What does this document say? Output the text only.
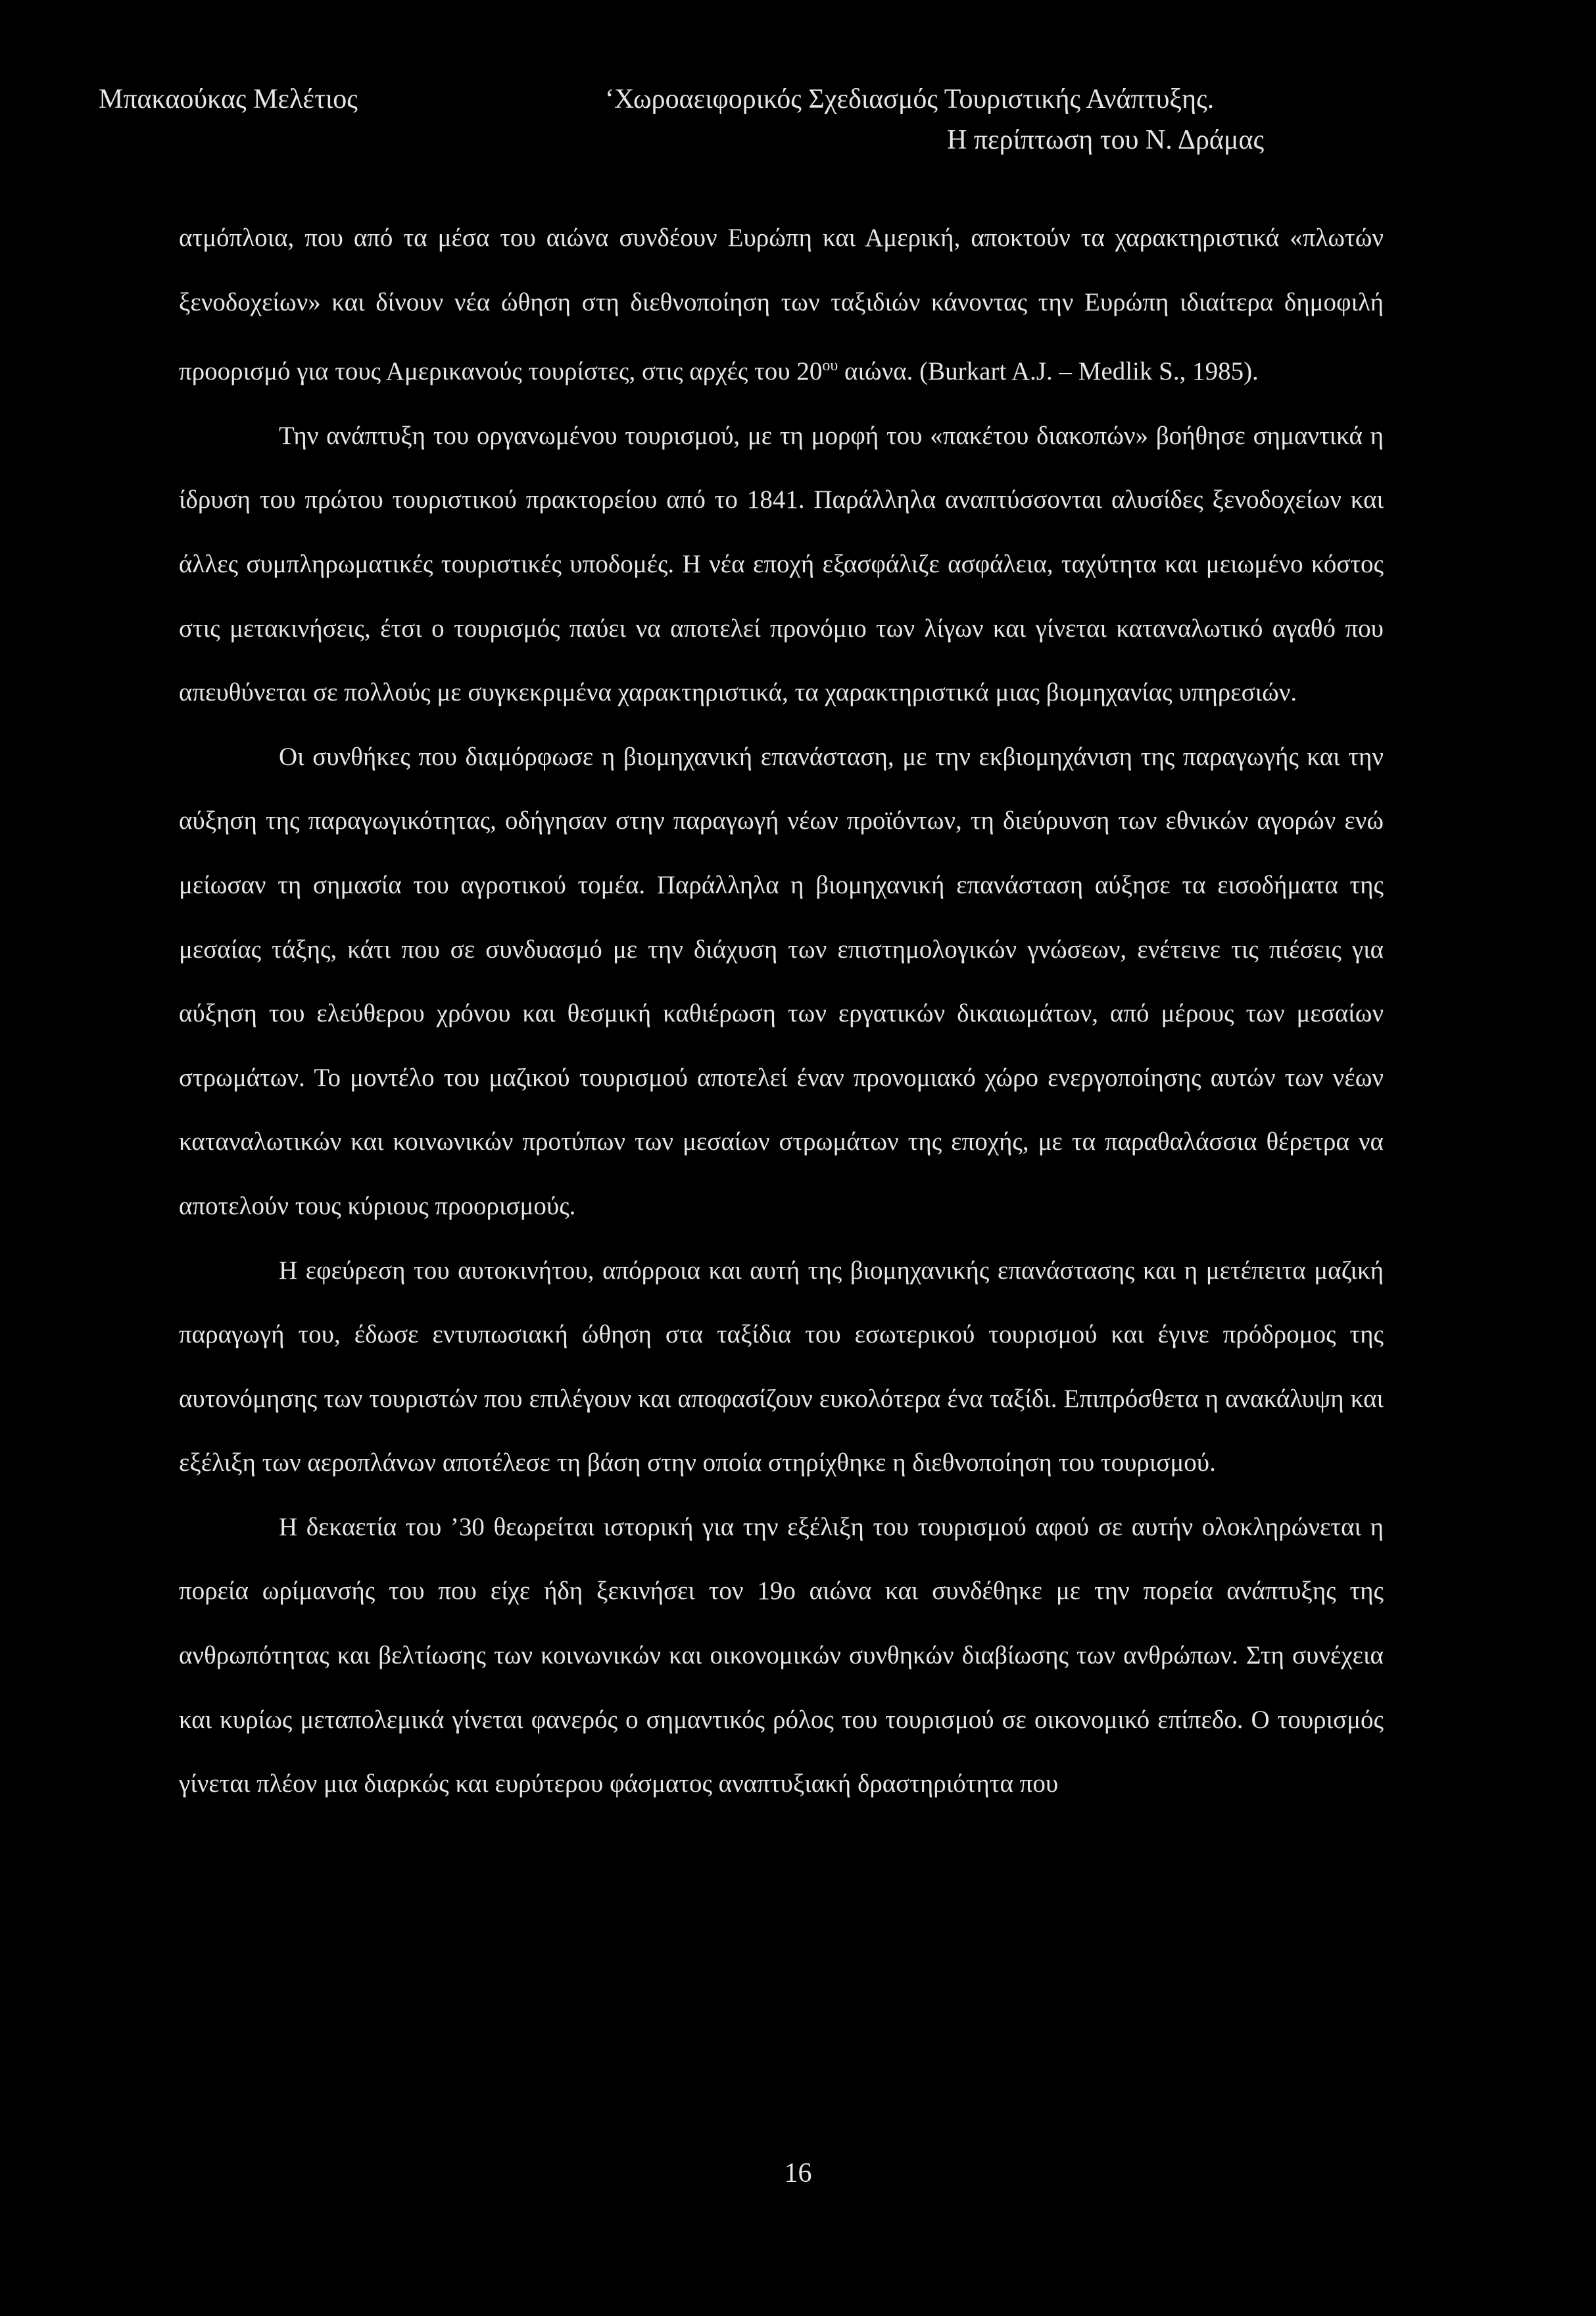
Μπακαούκας Μελέτιος	‘Χωροαειφορικός Σχεδιασμός Τουριστικής Ανάπτυξης.
Η περίπτωση του Ν. Δράμας

ατμόπλοια, που από τα μέσα του αιώνα συνδέουν Ευρώπη και Αμερική, αποκτούν τα χαρακτηριστικά «πλωτών ξενοδοχείων» και δίνουν νέα ώθηση στη διεθνοποίηση των ταξιδιών κάνοντας την Ευρώπη ιδιαίτερα δημοφιλή προορισμό για τους Αμερικανούς τουρίστες, στις αρχές του $20^{o\upsilon}$ αιώνα. (Burkart A.J. – Medlik S., 1985).

Την ανάπτυξη του οργανωμένου τουρισμού, με τη μορφή του «πακέτου διακοπών» βοήθησε σημαντικά η ίδρυση του πρώτου τουριστικού πρακτορείου από το 1841. Παράλληλα αναπτύσσονται αλυσίδες ξενοδοχείων και άλλες συμπληρωματικές τουριστικές υποδομές. Η νέα εποχή εξασφάλιζε ασφάλεια, ταχύτητα και μειωμένο κόστος στις μετακινήσεις, έτσι ο τουρισμός παύει να αποτελεί προνόμιο των λίγων και γίνεται καταναλωτικό αγαθό που απευθύνεται σε πολλούς με συγκεκριμένα χαρακτηριστικά, τα χαρακτηριστικά μιας βιομηχανίας υπηρεσιών.

Οι συνθήκες που διαμόρφωσε η βιομηχανική επανάσταση, με την εκβιομηχάνιση της παραγωγής και την αύξηση της παραγωγικότητας, οδήγησαν στην παραγωγή νέων προϊόντων, τη διεύρυνση των εθνικών αγορών ενώ μείωσαν τη σημασία του αγροτικού τομέα. Παράλληλα η βιομηχανική επανάσταση αύξησε τα εισοδήματα της μεσαίας τάξης, κάτι που σε συνδυασμό με την διάχυση των επιστημολογικών γνώσεων, ενέτεινε τις πιέσεις για αύξηση του ελεύθερου χρόνου και θεσμική καθιέρωση των εργατικών δικαιωμάτων, από μέρους των μεσαίων στρωμάτων. Το μοντέλο του μαζικού τουρισμού αποτελεί έναν προνομιακό χώρο ενεργοποίησης αυτών των νέων καταναλωτικών και κοινωνικών προτύπων των μεσαίων στρωμάτων της εποχής, με τα παραθαλάσσια θέρετρα να αποτελούν τους κύριους προορισμούς.

Η εφεύρεση του αυτοκινήτου, απόρροια και αυτή της βιομηχανικής επανάστασης και η μετέπειτα μαζική παραγωγή του, έδωσε εντυπωσιακή ώθηση στα ταξίδια του εσωτερικού τουρισμού και έγινε πρόδρομος της αυτονόμησης των τουριστών που επιλέγουν και αποφασίζουν ευκολότερα ένα ταξίδι. Επιπρόσθετα η ανακάλυψη και εξέλιξη των αεροπλάνων αποτέλεσε τη βάση στην οποία στηρίχθηκε η διεθνοποίηση του τουρισμού.

Η δεκαετία του ’30 θεωρείται ιστορική για την εξέλιξη του τουρισμού αφού σε αυτήν ολοκληρώνεται η πορεία ωρίμανσής του που είχε ήδη ξεκινήσει τον 19ο αιώνα και συνδέθηκε με την πορεία ανάπτυξης της ανθρωπότητας και βελτίωσης των κοινωνικών και οικονομικών συνθηκών διαβίωσης των ανθρώπων. Στη συνέχεια και κυρίως μεταπολεμικά γίνεται φανερός ο σημαντικός ρόλος του τουρισμού σε οικονομικό επίπεδο. Ο τουρισμός γίνεται πλέον μια διαρκώς και ευρύτερου φάσματος αναπτυξιακή δραστηριότητα που

16
